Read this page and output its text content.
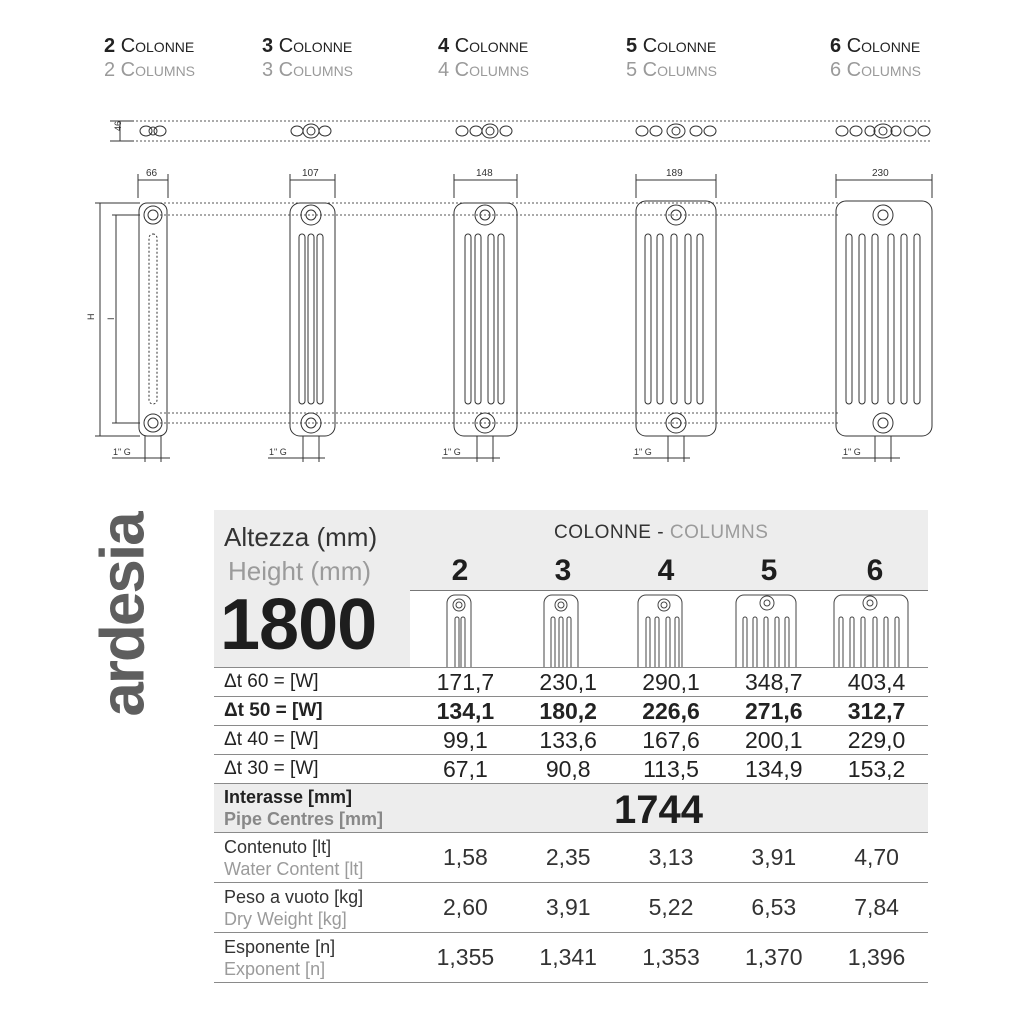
2 Colonne
2 Columns
3 Colonne
3 Columns
4 Colonne
4 Columns
5 Colonne
5 Columns
6 Colonne
6 Columns
46
66	107	148	189	230
H I
1" G	1" G	1" G	1" G	1" G
ardesia	Altezza (mm)
Height (mm)
1800
COLONNE - COLUMNS
2	3	4	5	6
Δt 60 = [W]	171,7	230,1	290,1	348,7	403,4
Δt 50 = [W]	134,1	180,2	226,6	271,6	312,7
Δt 40 = [W]	99,1	133,6	167,6	200,1	229,0
Δt 30 = [W]	67,1	90,8	113,5	134,9	153,2
Interasse [mm]
Pipe Centres [mm]	1744
Contenuto [lt]
Water Content [lt]	1,58	2,35	3,13	3,91	4,70
Peso a vuoto [kg]
Dry Weight [kg]	2,60	3,91	5,22	6,53	7,84
Esponente [n]
Exponent [n]	1,355	1,341	1,353	1,370	1,396
